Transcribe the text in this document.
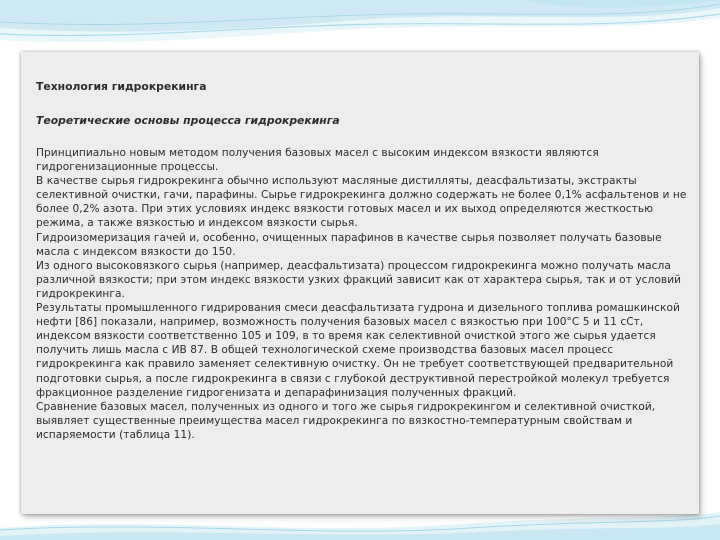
Технология гидрокрекинга
Теоретические основы процесса гидрокрекинга

Принципиально новым методом получения базовых масел с высоким индексом вязкости являются гидрогенизационные процессы.

В качестве сырья гидрокрекинга обычно используют масляные дистилляты, деасфальтизаты, экстракты селективной очистки, гачи, парафины. Сырье гидрокрекинга должно содержать не более 0,1% асфальтенов и не более 0,2% азота. При этих условиях индекс вязкости готовых масел и их выход определяются жесткостью режима, а также вязкостью и индексом вязкости сырья.

Гидроизомеризация гачей и, особенно, очищенных парафинов в качестве сырья позволяет получать базовые масла с индексом вязкости до 150.

Из одного высоковязкого сырья (например, деасфальтизата) процессом гидрокрекинга можно получать масла различной вязкости; при этом индекс вязкости узких фракций зависит как от характера сырья, так и от условий гидрокрекинга.

Результаты промышленного гидрирования смеси деасфальтизата гудрона и дизельного топлива ромашкинской нефти [86] показали, например, возможность получения базовых масел с вязкостью при 100°С 5 и 11 сСт, индексом вязкости соответственно 105 и 109, в то время как селективной очисткой этого же сырья удается получить лишь масла с ИВ 87. В общей технологической схеме производства базовых масел процесс гидрокрекинга как правило заменяет селективную очистку. Он не требует соответствующей предварительной подготовки сырья, а после гидрокрекинга в связи с глубокой деструктивной перестройкой молекул требуется фракционное разделение гидрогенизата и депарафинизация полученных фракций.

Сравнение базовых масел, полученных из одного и того же сырья гидрокрекингом и селективной очисткой, выявляет существенные преимущества масел гидрокрекинга по вязкостно-температурным свойствам и испаряемости (таблица 11).
